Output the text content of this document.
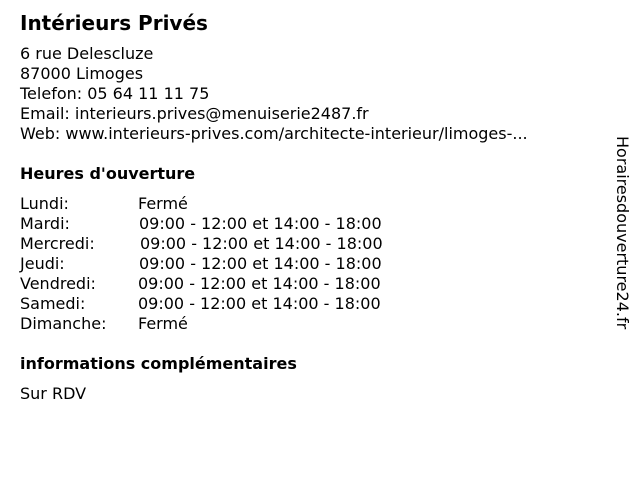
Intérieurs Privés
6 rue Delescluze
87000 Limoges
Telefon: 05 64 11 11 75
Email: interieurs.prives@menuiserie2487.fr
Web: www.interieurs-prives.com/architecte-interieur/limoges-...
Heures d'ouverture
Lundi:	Fermé
Mardi:	09:00 - 12:00 et 14:00 - 18:00
Mercredi:	09:00 - 12:00 et 14:00 - 18:00
Jeudi:	09:00 - 12:00 et 14:00 - 18:00
Vendredi:	09:00 - 12:00 et 14:00 - 18:00
Samedi:	09:00 - 12:00 et 14:00 - 18:00
Dimanche: Fermé
informations complémentaires
Sur RDV
Horairesdouverture24.fr
